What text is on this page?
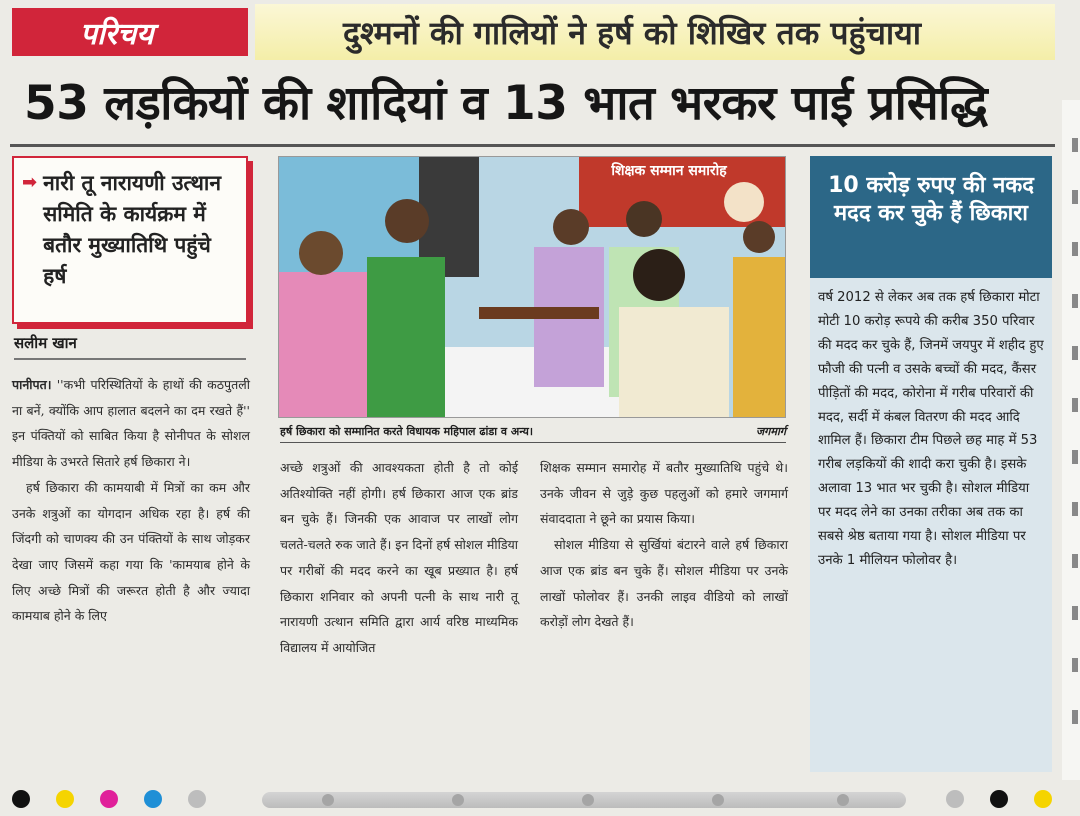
परिचय	दुश्मनों की गालियों ने हर्ष को शिखिर तक पहुंचाया
53 लड़कियों की शादियां व 13 भात भरकर पाई प्रसिद्धि
➡ नारी तू नारायणी उत्थान समिति के कार्यक्रम में बतौर मुख्यातिथि पहुंचे हर्ष
सलीम खान

पानीपत। ''कभी परिस्थितियों के हाथों की कठपुतली ना बनें, क्योंकि आप हालात बदलने का दम रखते हैं'' इन पंक्तियों को साबित किया है सोनीपत के सोशल मीडिया के उभरते सितारे हर्ष छिकारा ने।

हर्ष छिकारा की कामयाबी में मित्रों का कम और उनके शत्रुओं का योगदान अधिक रहा है। हर्ष की जिंदगी को चाणक्य की उन पंक्तियों के साथ जोड़कर देखा जाए जिसमें कहा गया कि 'कामयाब होने के लिए अच्छे मित्रों की जरूरत होती है और ज्यादा कामयाब होने के लिए

शिक्षक सम्मान समारोह
हर्ष छिकारा को सम्मानित करते विधायक महिपाल ढांडा व अन्य।	जगमार्ग

अच्छे शत्रुओं की आवश्यकता होती है तो कोई अतिश्योक्ति नहीं होगी। हर्ष छिकारा आज एक ब्रांड बन चुके हैं। जिनकी एक आवाज पर लाखों लोग चलते-चलते रुक जाते हैं। इन दिनों हर्ष सोशल मीडिया पर गरीबों की मदद करने का खूब प्रख्यात है। हर्ष छिकारा शनिवार को अपनी पत्नी के साथ नारी तू नारायणी उत्थान समिति द्वारा आर्य वरिष्ठ माध्यमिक विद्यालय में आयोजित

शिक्षक सम्मान समारोह में बतौर मुख्यातिथि पहुंचे थे। उनके जीवन से जुड़े कुछ पहलुओं को हमारे जगमार्ग संवाददाता ने छूने का प्रयास किया।

सोशल मीडिया से सुर्खियां बंटारने वाले हर्ष छिकारा आज एक ब्रांड बन चुके हैं। सोशल मीडिया पर उनके लाखों फोलोवर हैं। उनकी लाइव वीडियो को लाखों करोड़ों लोग देखते हैं।

10 करोड़ रुपए की नकद मदद कर चुके हैं छिकारा
वर्ष 2012 से लेकर अब तक हर्ष छिकारा मोटा मोटी 10 करोड़ रूपये की करीब 350 परिवार की मदद कर चुके हैं, जिनमें जयपुर में शहीद हुए फौजी की पत्नी व उसके बच्चों की मदद, कैंसर पीड़ितों की मदद, कोरोना में गरीब परिवारों की मदद, सर्दी में कंबल वितरण की मदद आदि शामिल हैं। छिकारा टीम पिछले छह माह में 53 गरीब लड़कियों की शादी करा चुकी है। इसके अलावा 13 भात भर चुकी है। सोशल मीडिया पर मदद लेने का उनका तरीका अब तक का सबसे श्रेष्ठ बताया गया है। सोशल मीडिया पर उनके 1 मीलियन फोलोवर है।
